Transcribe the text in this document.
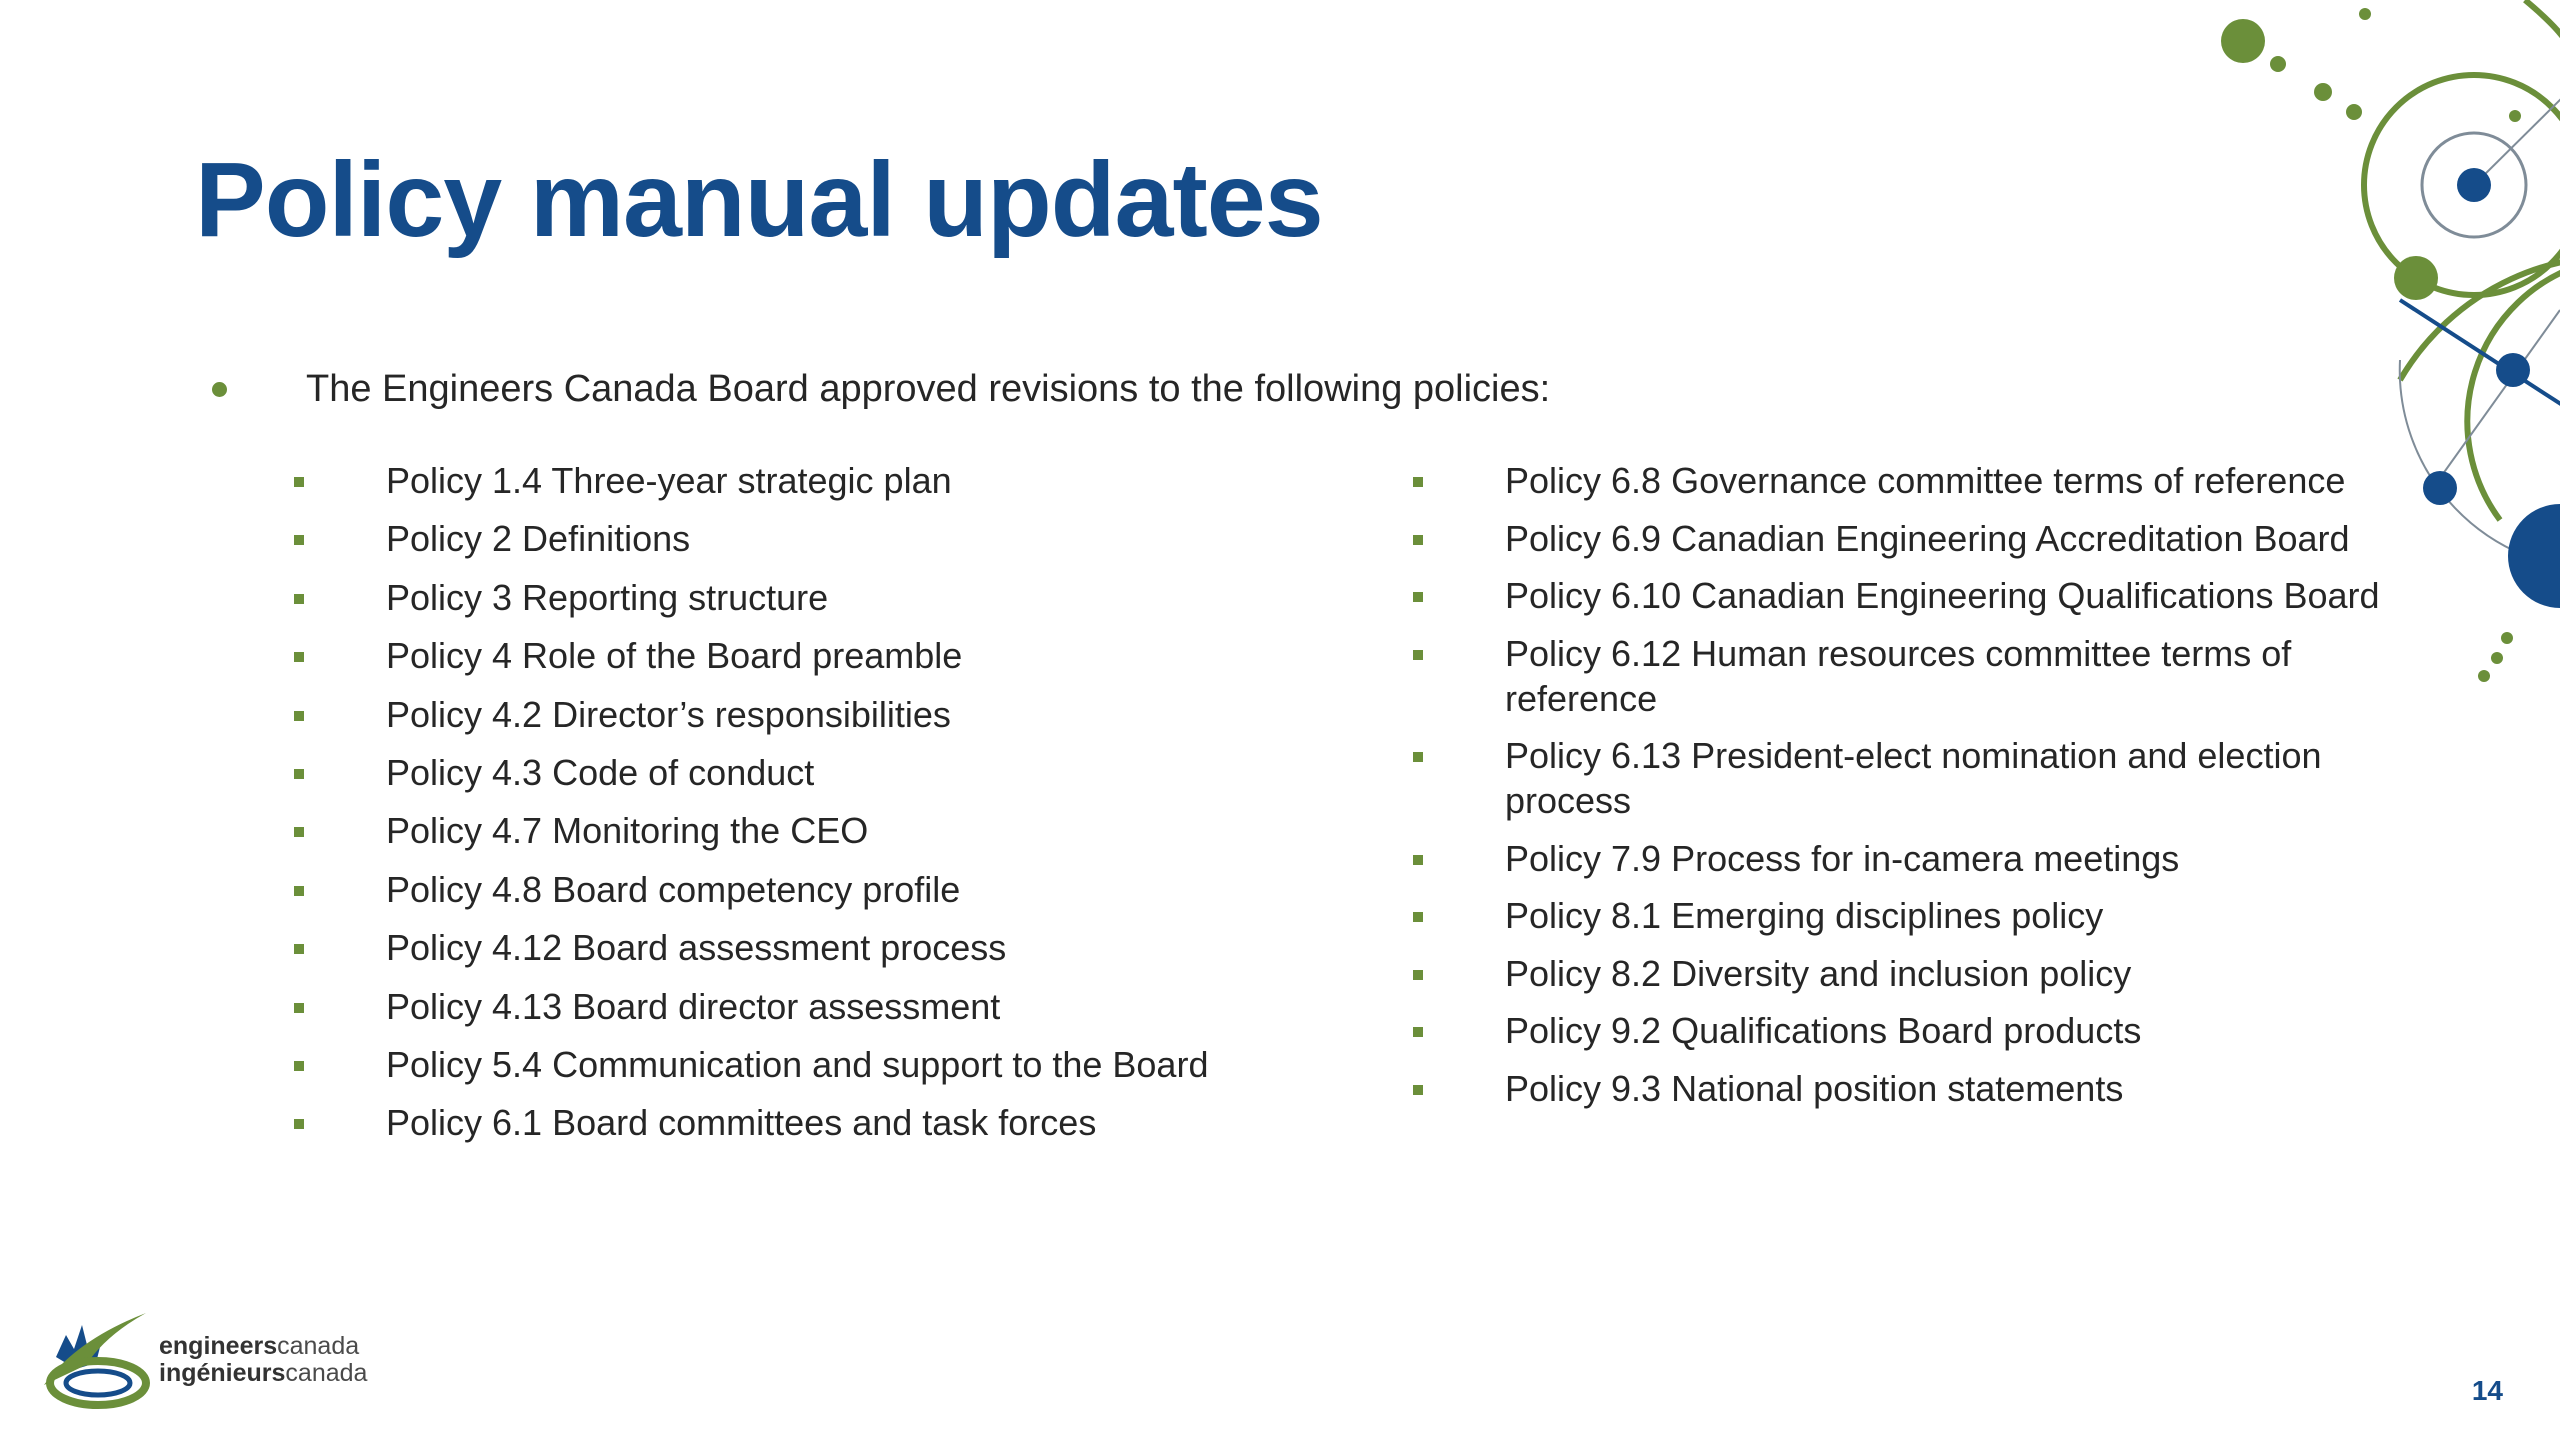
Policy manual updates
The Engineers Canada Board approved revisions to the following policies:
Policy 1.4 Three-year strategic plan
Policy 2 Definitions
Policy 3 Reporting structure
Policy 4 Role of the Board preamble
Policy 4.2 Director’s responsibilities
Policy 4.3 Code of conduct
Policy 4.7 Monitoring the CEO
Policy 4.8 Board competency profile
Policy 4.12 Board assessment process
Policy 4.13 Board director assessment
Policy 5.4 Communication and support to the Board
Policy 6.1 Board committees and task forces
Policy 6.8 Governance committee terms of reference
Policy 6.9 Canadian Engineering Accreditation Board
Policy 6.10 Canadian Engineering Qualifications Board
Policy 6.12 Human resources committee terms of reference
Policy 6.13 President-elect nomination and election process
Policy 7.9 Process for in-camera meetings
Policy 8.1 Emerging disciplines policy
Policy 8.2 Diversity and inclusion policy
Policy 9.2 Qualifications Board products
Policy 9.3 National position statements
engineerscanada
ingénieurscanada
14
